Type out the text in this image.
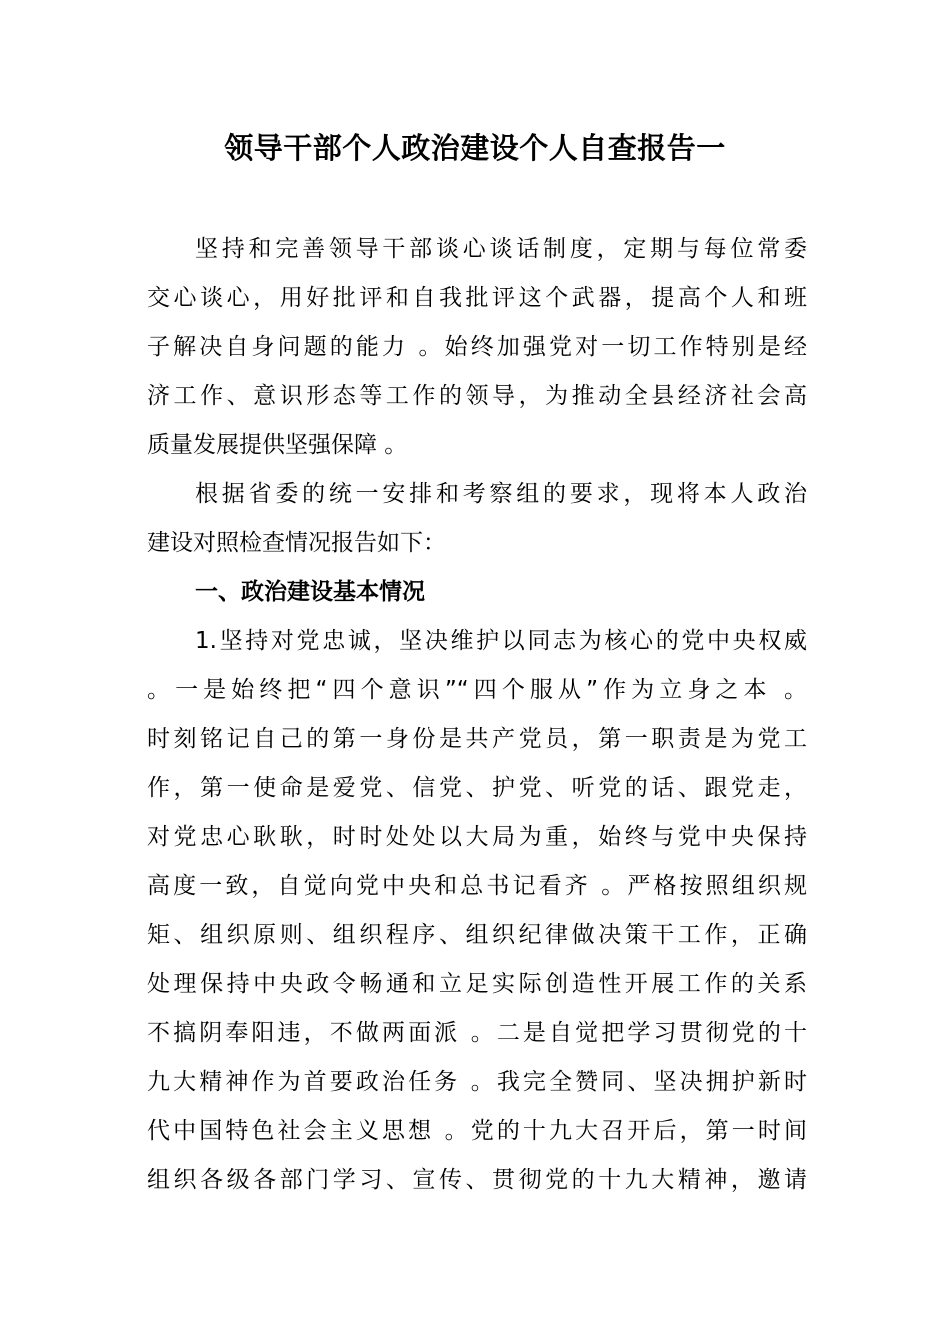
领导干部个人政治建设个人自查报告一
坚持和完善领导干部谈心谈话制度，定期与每位常委
交心谈心，用好批评和自我批评这个武器，提高个人和班
子解决自身问题的能力 。始终加强党对一切工作特别是经
济工作、意识形态等工作的领导，为推动全县经济社会高
质量发展提供坚强保障 。
根据省委的统一安排和考察组的要求，现将本人政治
建设对照检查情况报告如下：
一、政治建设基本情况
1.坚持对党忠诚，坚决维护以同志为核心的党中央权威
。一是始终把“四个意识”“四个服从”作为立身之本 。
时刻铭记自己的第一身份是共产党员，第一职责是为党工
作，第一使命是爱党、信党、护党、听党的话、跟党走，
对党忠心耿耿，时时处处以大局为重，始终与党中央保持
高度一致，自觉向党中央和总书记看齐 。严格按照组织规
矩、组织原则、组织程序、组织纪律做决策干工作，正确
处理保持中央政令畅通和立足实际创造性开展工作的关系
不搞阴奉阳违，不做两面派 。二是自觉把学习贯彻党的十
九大精神作为首要政治任务 。我完全赞同、坚决拥护新时
代中国特色社会主义思想 。党的十九大召开后，第一时间
组织各级各部门学习、宣传、贯彻党的十九大精神，邀请
